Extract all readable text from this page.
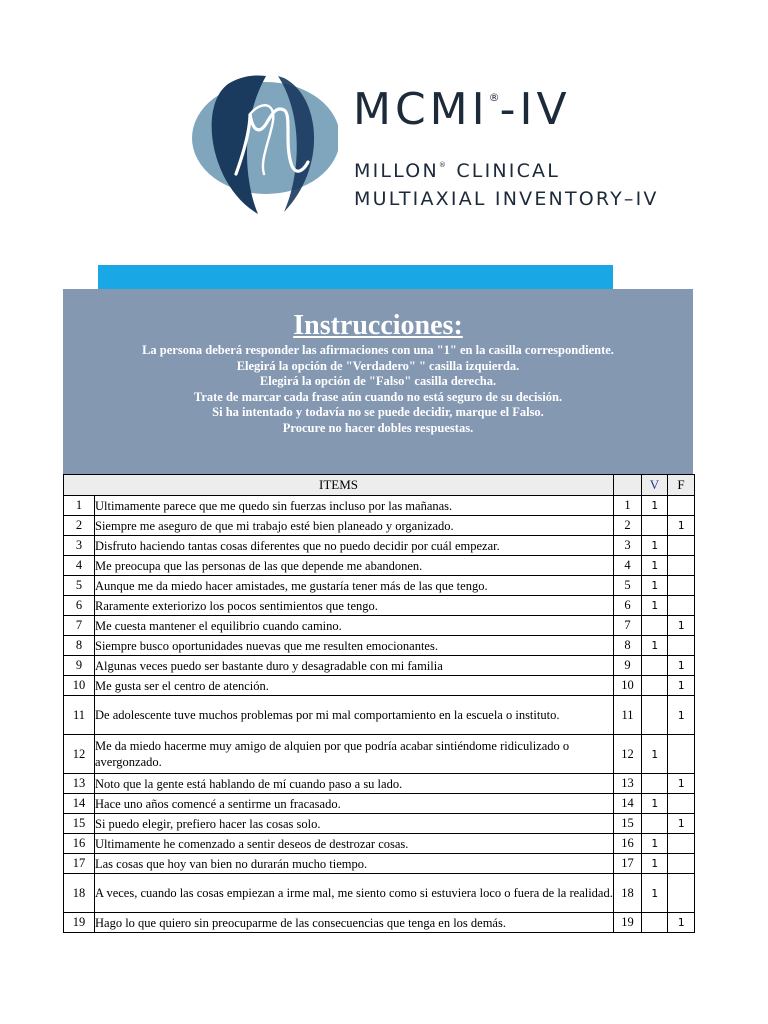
MCMI®-IV
MILLON® CLINICAL
MULTIAXIAL INVENTORY–IV
Instrucciones:
La persona deberá responder las afirmaciones con una "1" en la casilla correspondiente.
Elegirá la opción de "Verdadero" " casilla izquierda.
Elegirá la opción de "Falso" casilla derecha.
Trate de marcar cada frase aún cuando no está seguro de su decisión.
Si ha intentado y todavía no se puede decidir, marque el Falso.
Procure no hacer dobles respuestas.
ITEMS			V	F
1	Ultimamente parece que me quedo sin fuerzas incluso por las mañanas.	1	1	
2	Siempre me aseguro de que mi trabajo esté bien planeado y organizado.	2		1
3	Disfruto haciendo tantas cosas diferentes que no puedo decidir por cuál empezar.	3	1	
4	Me preocupa que las personas de las que depende me abandonen.	4	1	
5	Aunque me da miedo hacer amistades, me gustaría tener más de las que tengo.	5	1	
6	Raramente exteriorizo los pocos sentimientos que tengo.	6	1	
7	Me cuesta mantener el equilibrio cuando camino.	7		1
8	Siempre busco oportunidades nuevas que me resulten emocionantes.	8	1	
9	Algunas veces puedo ser bastante duro y desagradable con mi familia	9		1
10	Me gusta ser el centro de atención.	10		1
11	De adolescente tuve muchos problemas por mi mal comportamiento en la escuela o instituto.	11		1
12	Me da miedo hacerme muy amigo de alquien por que podría acabar sintiéndome ridiculizado o avergonzado.	12	1	
13	Noto que la gente está hablando de mí cuando paso a su lado.	13		1
14	Hace uno años comencé a sentirme un fracasado.	14	1	
15	Si puedo elegir, prefiero hacer las cosas solo.	15		1
16	Ultimamente he comenzado a sentir deseos de destrozar cosas.	16	1	
17	Las cosas que hoy van bien no durarán mucho tiempo.	17	1	
18	A veces, cuando las cosas empiezan a irme mal, me siento como si estuviera loco o fuera de la realidad.	18	1	
19	Hago lo que quiero sin preocuparme de las consecuencias que tenga en los demás.	19		1
